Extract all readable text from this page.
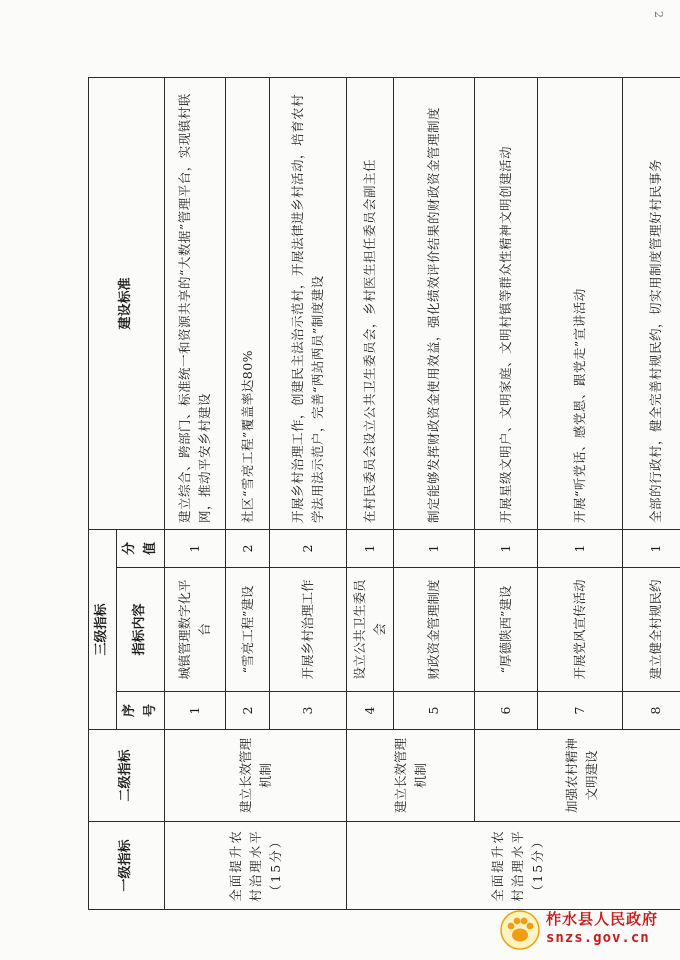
2
一级指标	二级指标	三级指标			建设标准
		序号	指标内容	分值	
全面提升农村治理水平（15分）	建立长效管理机制	1	城镇管理数字化平台	1	建立综合、跨部门、标准统一和资源共享的“大数据”管理平台，实现镇村联网，推动平安乡村建设
		2	“雪亮工程”建设	2	社区“雪亮工程”覆盖率达80%
		3	开展乡村治理工作	2	开展乡村治理工作，创建民主法治示范村，开展法律进乡村活动，培育农村学法用法示范户，完善“两站两员”制度建设
全面提升农村治理水平（15分）	建立长效管理机制	4	设立公共卫生委员会	1	在村民委员会设立公共卫生委员会，乡村医生担任委员会副主任
		5	财政资金管理制度	1	制定能够发挥财政资金使用效益，强化绩效评价结果的财政资金管理制度
	加强农村精神文明建设	6	“厚德陕西”建设	1	开展星级文明户、文明家庭、文明村镇等群众性精神文明创建活动
		7	开展党风宣传活动	1	开展“听党话、感党恩、跟党走”宣讲活动
		8	建立健全村规民约	1	全部的行政村，健全完善村规民约，切实用制度管理好村民事务
柞水县人民政府
snzs.gov.cn
